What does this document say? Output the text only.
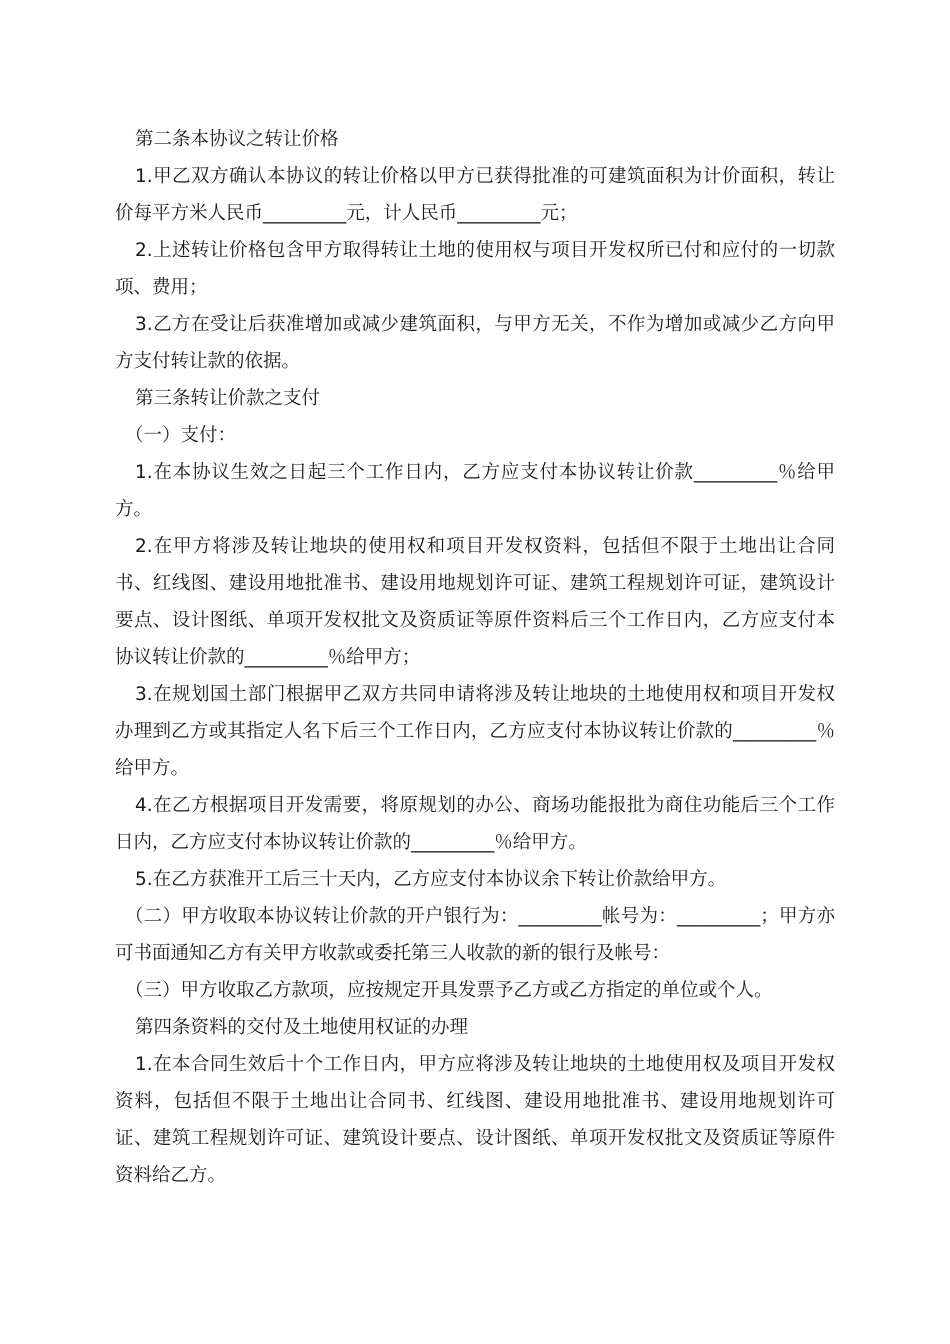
第二条本协议之转让价格

1.甲乙双方确认本协议的转让价格以甲方已获得批准的可建筑面积为计价面积，转让价每平方米人民币_________元，计人民币_________元；

2.上述转让价格包含甲方取得转让土地的使用权与项目开发权所已付和应付的一切款项、费用；

3.乙方在受让后获准增加或减少建筑面积，与甲方无关，不作为增加或减少乙方向甲方支付转让款的依据。

第三条转让价款之支付

（一）支付：

1.在本协议生效之日起三个工作日内，乙方应支付本协议转让价款_________％给甲方。

2.在甲方将涉及转让地块的使用权和项目开发权资料，包括但不限于土地出让合同书、红线图、建设用地批准书、建设用地规划许可证、建筑工程规划许可证，建筑设计要点、设计图纸、单项开发权批文及资质证等原件资料后三个工作日内，乙方应支付本协议转让价款的_________％给甲方；

3.在规划国土部门根据甲乙双方共同申请将涉及转让地块的土地使用权和项目开发权办理到乙方或其指定人名下后三个工作日内，乙方应支付本协议转让价款的_________％给甲方。

4.在乙方根据项目开发需要，将原规划的办公、商场功能报批为商住功能后三个工作日内，乙方应支付本协议转让价款的_________％给甲方。

5.在乙方获准开工后三十天内，乙方应支付本协议余下转让价款给甲方。

（二）甲方收取本协议转让价款的开户银行为：_________帐号为：_________；甲方亦可书面通知乙方有关甲方收款或委托第三人收款的新的银行及帐号：

（三）甲方收取乙方款项，应按规定开具发票予乙方或乙方指定的单位或个人。

第四条资料的交付及土地使用权证的办理

1.在本合同生效后十个工作日内，甲方应将涉及转让地块的土地使用权及项目开发权资料，包括但不限于土地出让合同书、红线图、建设用地批准书、建设用地规划许可证、建筑工程规划许可证、建筑设计要点、设计图纸、单项开发权批文及资质证等原件资料给乙方。
